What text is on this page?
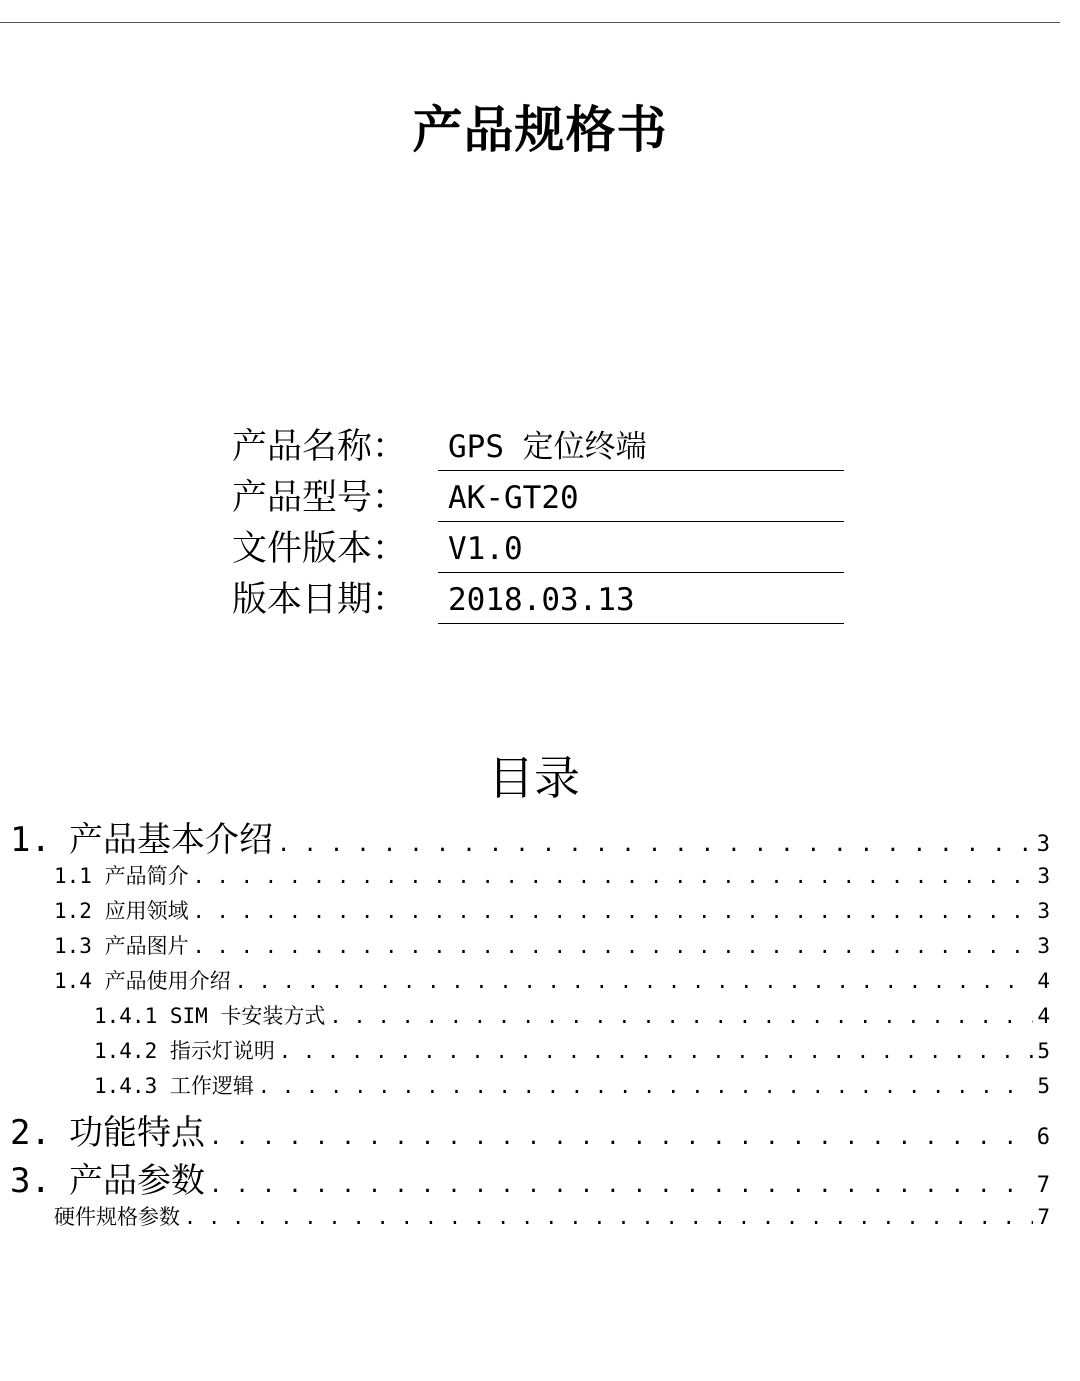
产品规格书
产品名称：	GPS 定位终端
产品型号：	AK-GT20
文件版本：	V1.0
版本日期：	2018.03.13
目录
1. 产品基本介绍 . . .	3
1.1 产品简介 . . .	3
1.2 应用领域 . . .	3
1.3 产品图片 . . .	3
1.4 产品使用介绍 . . .	4
1.4.1 SIM 卡安装方式 . . .	4
1.4.2 指示灯说明 . . .	5
1.4.3 工作逻辑 . . .	5
2. 功能特点 . . .	6
3. 产品参数 . . .	7
硬件规格参数 . . .	7
